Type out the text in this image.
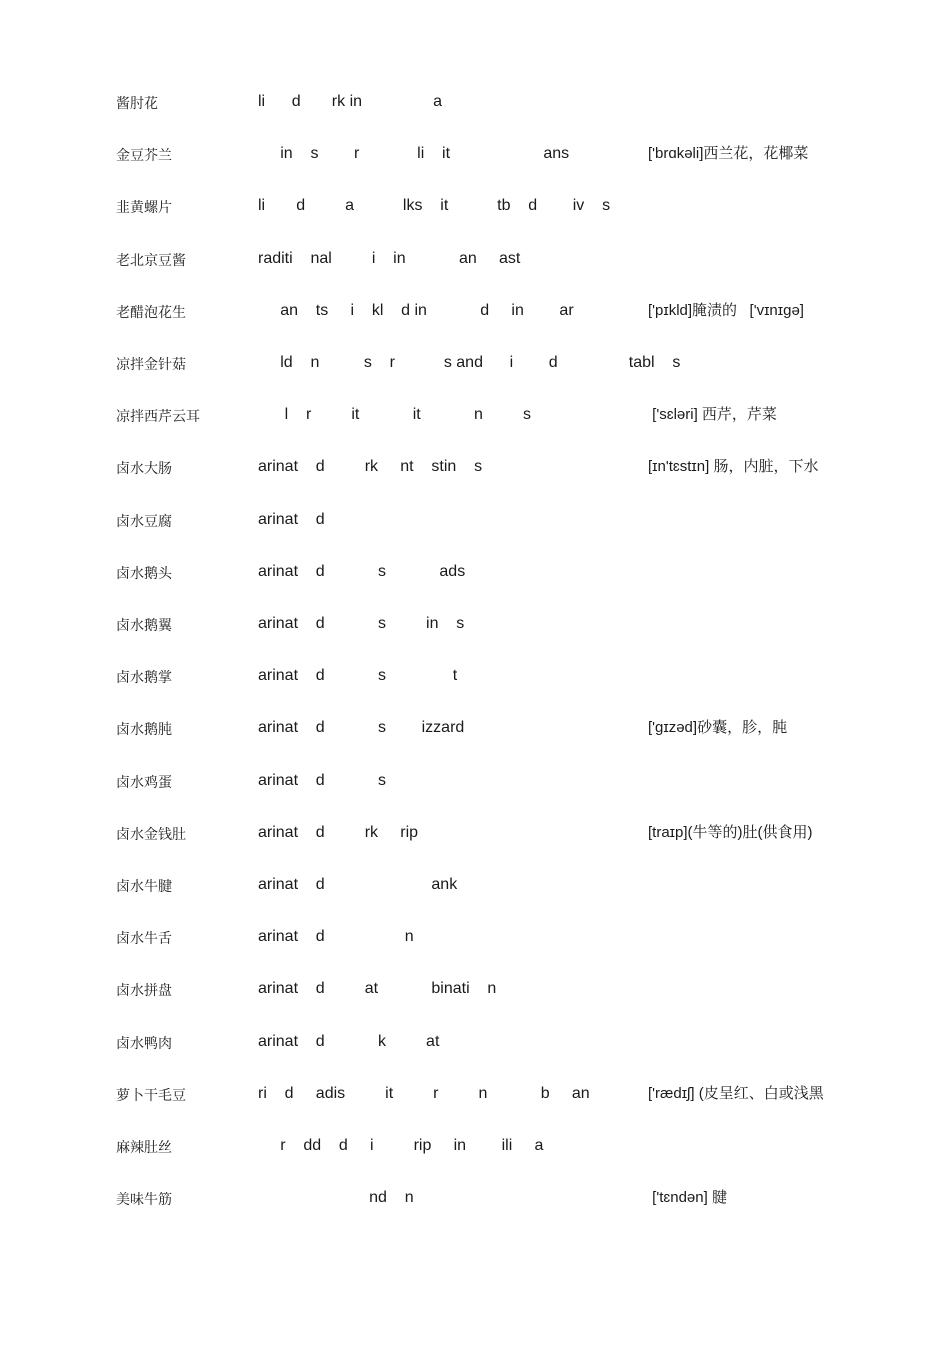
酱肘花	li      d       rk in                a
金豆芥兰	in    s        r             li    it                     ans	['brɑkəli]西兰花，花椰菜
韭黄螺片	li       d         a           lks    it           tb    d        iv    s
老北京豆酱	raditi    nal         i    in            an     ast
老醋泡花生	an    ts     i    kl    d in            d     in        ar	['pɪkld]腌渍的   ['vɪnɪgə]
凉拌金针菇	ld    n          s    r           s and      i        d                tabl    s
凉拌西芹云耳	l    r         it            it            n         s	['sɛləri] 西芹，芹菜
卤水大肠	arinat    d         rk     nt    stin    s	[ɪn'tɛstɪn] 肠，内脏，下水
卤水豆腐	arinat    d
卤水鹅头	arinat    d            s            ads
卤水鹅翼	arinat    d            s         in    s
卤水鹅掌	arinat    d            s               t
卤水鹅肫	arinat    d            s        izzard	['gɪzəd]砂囊，胗，肫
卤水鸡蛋	arinat    d            s
卤水金钱肚	arinat    d         rk     rip	[traɪp](牛等的)肚(供食用)
卤水牛腱	arinat    d                        ank
卤水牛舌	arinat    d                  n
卤水拼盘	arinat    d         at            binati    n
卤水鸭肉	arinat    d            k         at
萝卜干毛豆	ri    d     adis         it         r         n            b     an	['rædɪʃ] (皮呈红、白或浅黑
麻辣肚丝	r    dd    d     i         rip     in        ili     a
美味牛筋	nd    n	['tɛndən] 腱
